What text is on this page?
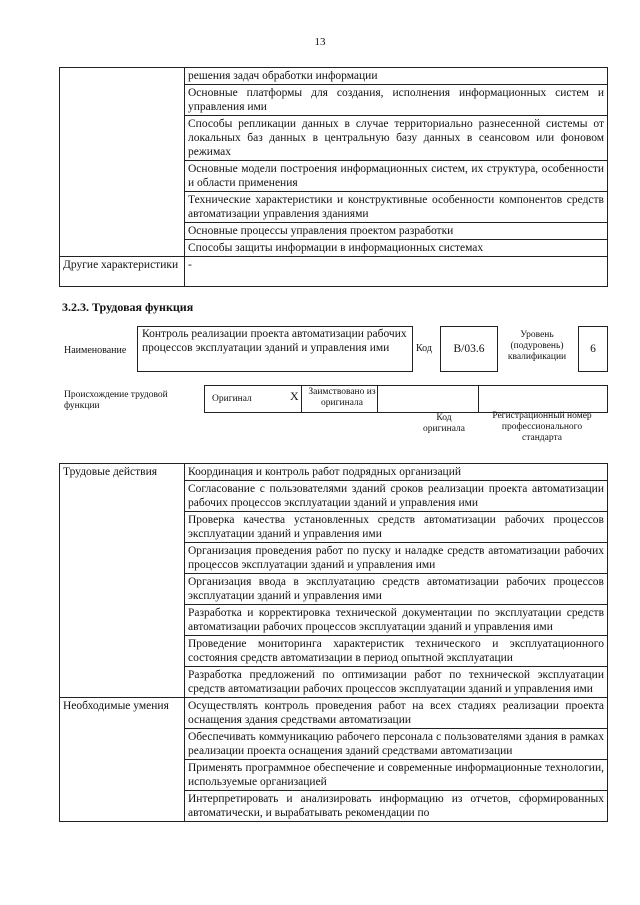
13
	решения задач обработки информации
	Основные платформы для создания, исполнения информационных систем и управления ими
	Способы репликации данных в случае территориально разнесенной системы от локальных баз данных в центральную базу данных в сеансовом или фоновом режимах
	Основные модели построения информационных систем, их структура, особенности и области применения
	Технические характеристики и конструктивные особенности компонентов средств автоматизации управления зданиями
	Основные процессы управления проектом разработки
	Способы защиты информации в информационных системах
Другие характеристики	-
3.2.3. Трудовая функция
Наименование
Контроль реализации проекта автоматизации рабочих процессов эксплуатации зданий и управления ими	Код	В/03.6
Уровень (подуровень) квалификации
6
Происхождение трудовой функции
Оригинал	X Заимствовано из оригинала
Код оригинала
Регистрационный номер профессионального стандарта
Трудовые действия	Координация и контроль работ подрядных организаций
	Согласование с пользователями зданий сроков реализации проекта автоматизации рабочих процессов эксплуатации зданий и управления ими
	Проверка качества установленных средств автоматизации рабочих процессов эксплуатации зданий и управления ими
	Организация проведения работ по пуску и наладке средств автоматизации рабочих процессов эксплуатации зданий и управления ими
	Организация ввода в эксплуатацию средств автоматизации рабочих процессов эксплуатации зданий и управления ими
	Разработка и корректировка технической документации по эксплуатации средств автоматизации рабочих процессов эксплуатации зданий и управления ими
	Проведение мониторинга характеристик технического и эксплуатационного состояния средств автоматизации в период опытной эксплуатации
	Разработка предложений по оптимизации работ по технической эксплуатации средств автоматизации рабочих процессов эксплуатации зданий и управления ими
Необходимые умения	Осуществлять контроль проведения работ на всех стадиях реализации проекта оснащения здания средствами автоматизации
	Обеспечивать коммуникацию рабочего персонала с пользователями здания в рамках реализации проекта оснащения зданий средствами автоматизации
	Применять программное обеспечение и современные информационные технологии, используемые организацией
	Интерпретировать и анализировать информацию из отчетов, сформированных автоматически, и вырабатывать рекомендации по
